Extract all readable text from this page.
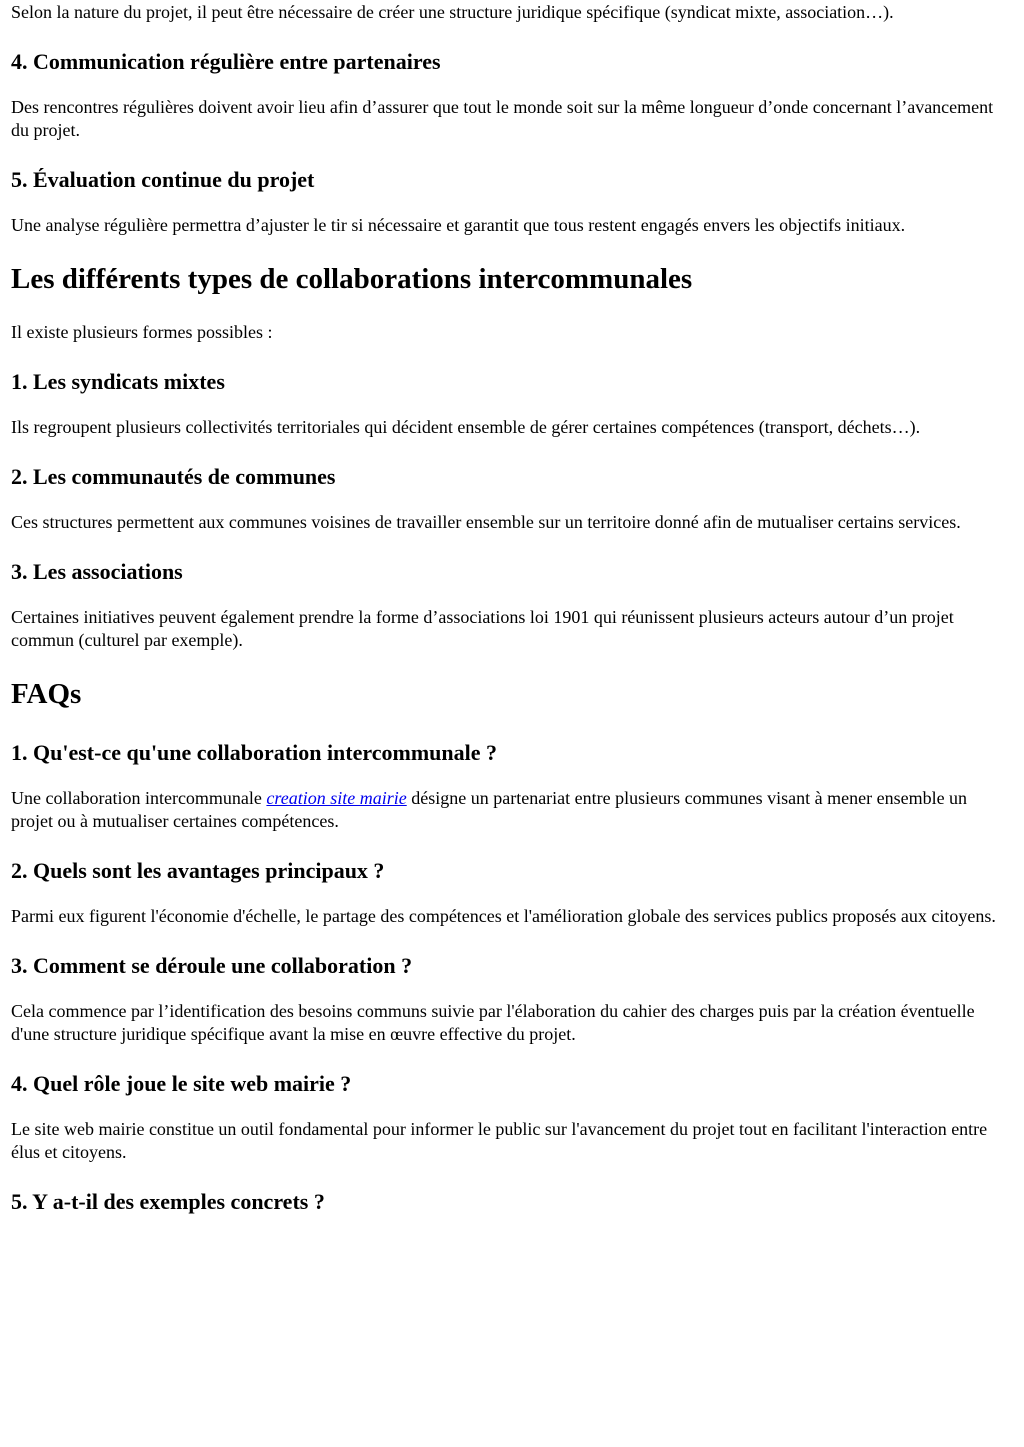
Selon la nature du projet, il peut être nécessaire de créer une structure juridique spécifique (syndicat mixte, association…).

4. Communication régulière entre partenaires

Des rencontres régulières doivent avoir lieu afin d’assurer que tout le monde soit sur la même longueur d’onde concernant l’avancement du projet.

5. Évaluation continue du projet

Une analyse régulière permettra d’ajuster le tir si nécessaire et garantit que tous restent engagés envers les objectifs initiaux.

Les différents types de collaborations intercommunales

Il existe plusieurs formes possibles :

1. Les syndicats mixtes

Ils regroupent plusieurs collectivités territoriales qui décident ensemble de gérer certaines compétences (transport, déchets…).

2. Les communautés de communes

Ces structures permettent aux communes voisines de travailler ensemble sur un territoire donné afin de mutualiser certains services.

3. Les associations

Certaines initiatives peuvent également prendre la forme d’associations loi 1901 qui réunissent plusieurs acteurs autour d’un projet commun (culturel par exemple).

FAQs
1. Qu'est-ce qu'une collaboration intercommunale ?

Une collaboration intercommunale creation site mairie désigne un partenariat entre plusieurs communes visant à mener ensemble un projet ou à mutualiser certaines compétences.

2. Quels sont les avantages principaux ?

Parmi eux figurent l'économie d'échelle, le partage des compétences et l'amélioration globale des services publics proposés aux citoyens.

3. Comment se déroule une collaboration ?

Cela commence par l’identification des besoins communs suivie par l'élaboration du cahier des charges puis par la création éventuelle d'une structure juridique spécifique avant la mise en œuvre effective du projet.

4. Quel rôle joue le site web mairie ?

Le site web mairie constitue un outil fondamental pour informer le public sur l'avancement du projet tout en facilitant l'interaction entre élus et citoyens.

5. Y a-t-il des exemples concrets ?
